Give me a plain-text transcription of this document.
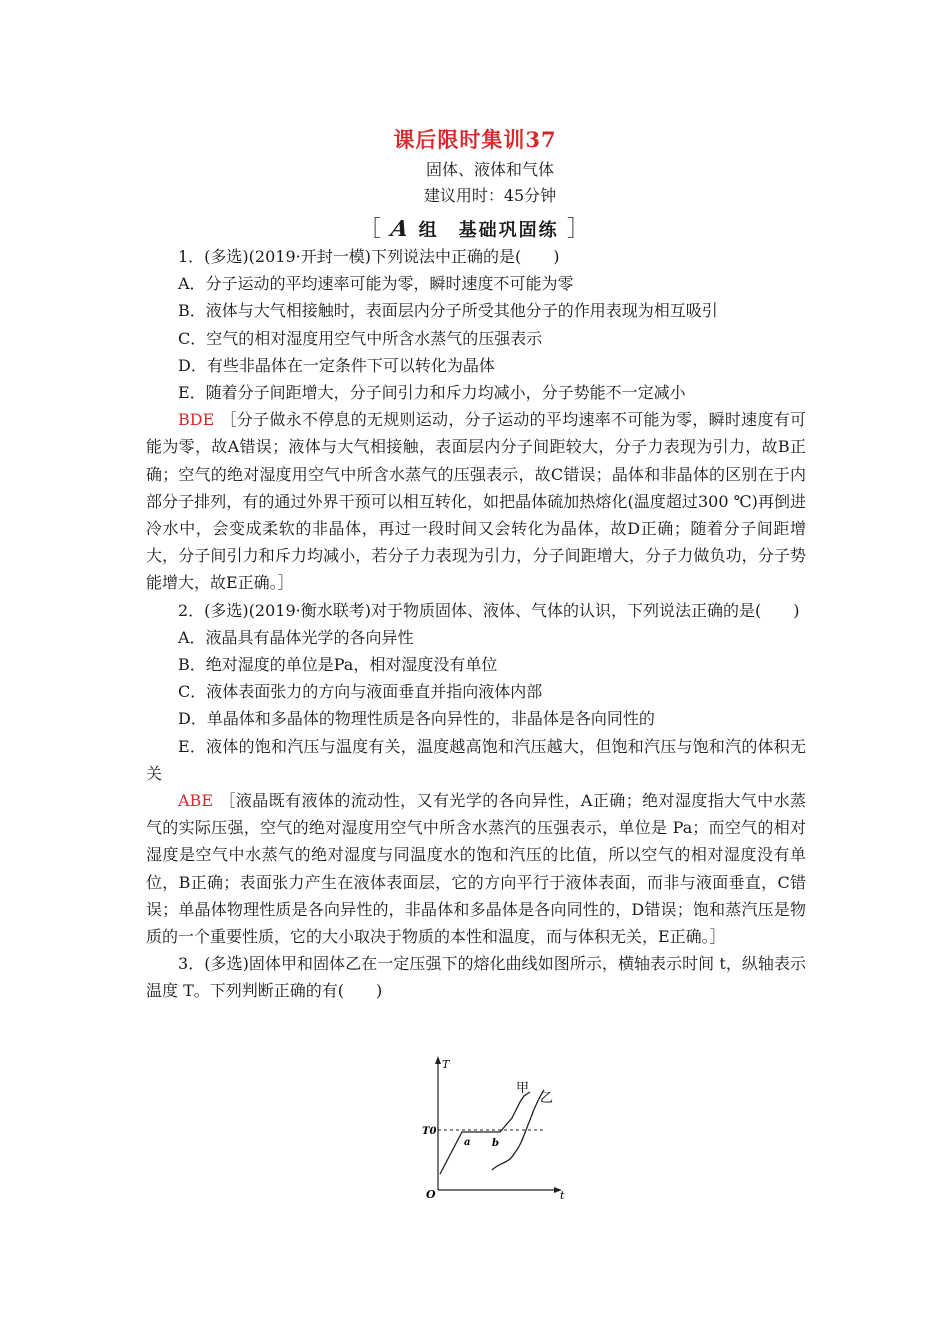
课后限时集训37
固体、液体和气体
建议用时：45分钟
［ A 组　基础巩固练 ］

1．(多选)(2019·开封一模)下列说法中正确的是(　　)

A．分子运动的平均速率可能为零，瞬时速度不可能为零

B．液体与大气相接触时，表面层内分子所受其他分子的作用表现为相互吸引

C．空气的相对湿度用空气中所含水蒸气的压强表示

D．有些非晶体在一定条件下可以转化为晶体

E．随着分子间距增大，分子间引力和斥力均减小，分子势能不一定减小

BDE ［分子做永不停息的无规则运动，分子运动的平均速率不可能为零，瞬时速度有可能为零，故A错误；液体与大气相接触，表面层内分子间距较大，分子力表现为引力，故B正确；空气的绝对湿度用空气中所含水蒸气的压强表示，故C错误；晶体和非晶体的区别在于内部分子排列，有的通过外界干预可以相互转化，如把晶体硫加热熔化(温度超过300 ℃)再倒进冷水中，会变成柔软的非晶体，再过一段时间又会转化为晶体，故D正确；随着分子间距增大，分子间引力和斥力均减小，若分子力表现为引力，分子间距增大，分子力做负功，分子势能增大，故E正确。］

2．(多选)(2019·衡水联考)对于物质固体、液体、气体的认识，下列说法正确的是(　　)

A．液晶具有晶体光学的各向异性

B．绝对湿度的单位是Pa，相对湿度没有单位

C．液体表面张力的方向与液面垂直并指向液体内部

D．单晶体和多晶体的物理性质是各向异性的，非晶体是各向同性的

E．液体的饱和汽压与温度有关，温度越高饱和汽压越大，但饱和汽压与饱和汽的体积无关

ABE ［液晶既有液体的流动性，又有光学的各向异性，A正确；绝对湿度指大气中水蒸气的实际压强，空气的绝对湿度用空气中所含水蒸汽的压强表示，单位是 Pa；而空气的相对湿度是空气中水蒸气的绝对湿度与同温度水的饱和汽压的比值，所以空气的相对湿度没有单位，B正确；表面张力产生在液体表面层，它的方向平行于液体表面，而非与液面垂直，C错误；单晶体物理性质是各向异性的，非晶体和多晶体是各向同性的，D错误；饱和蒸汽压是物质的一个重要性质，它的大小取决于物质的本性和温度，而与体积无关，E正确。］

3．(多选)固体甲和固体乙在一定压强下的熔化曲线如图所示，横轴表示时间 t，纵轴表示温度 T。下列判断正确的有(　　)

T
t
O
T0
a b
甲
乙
